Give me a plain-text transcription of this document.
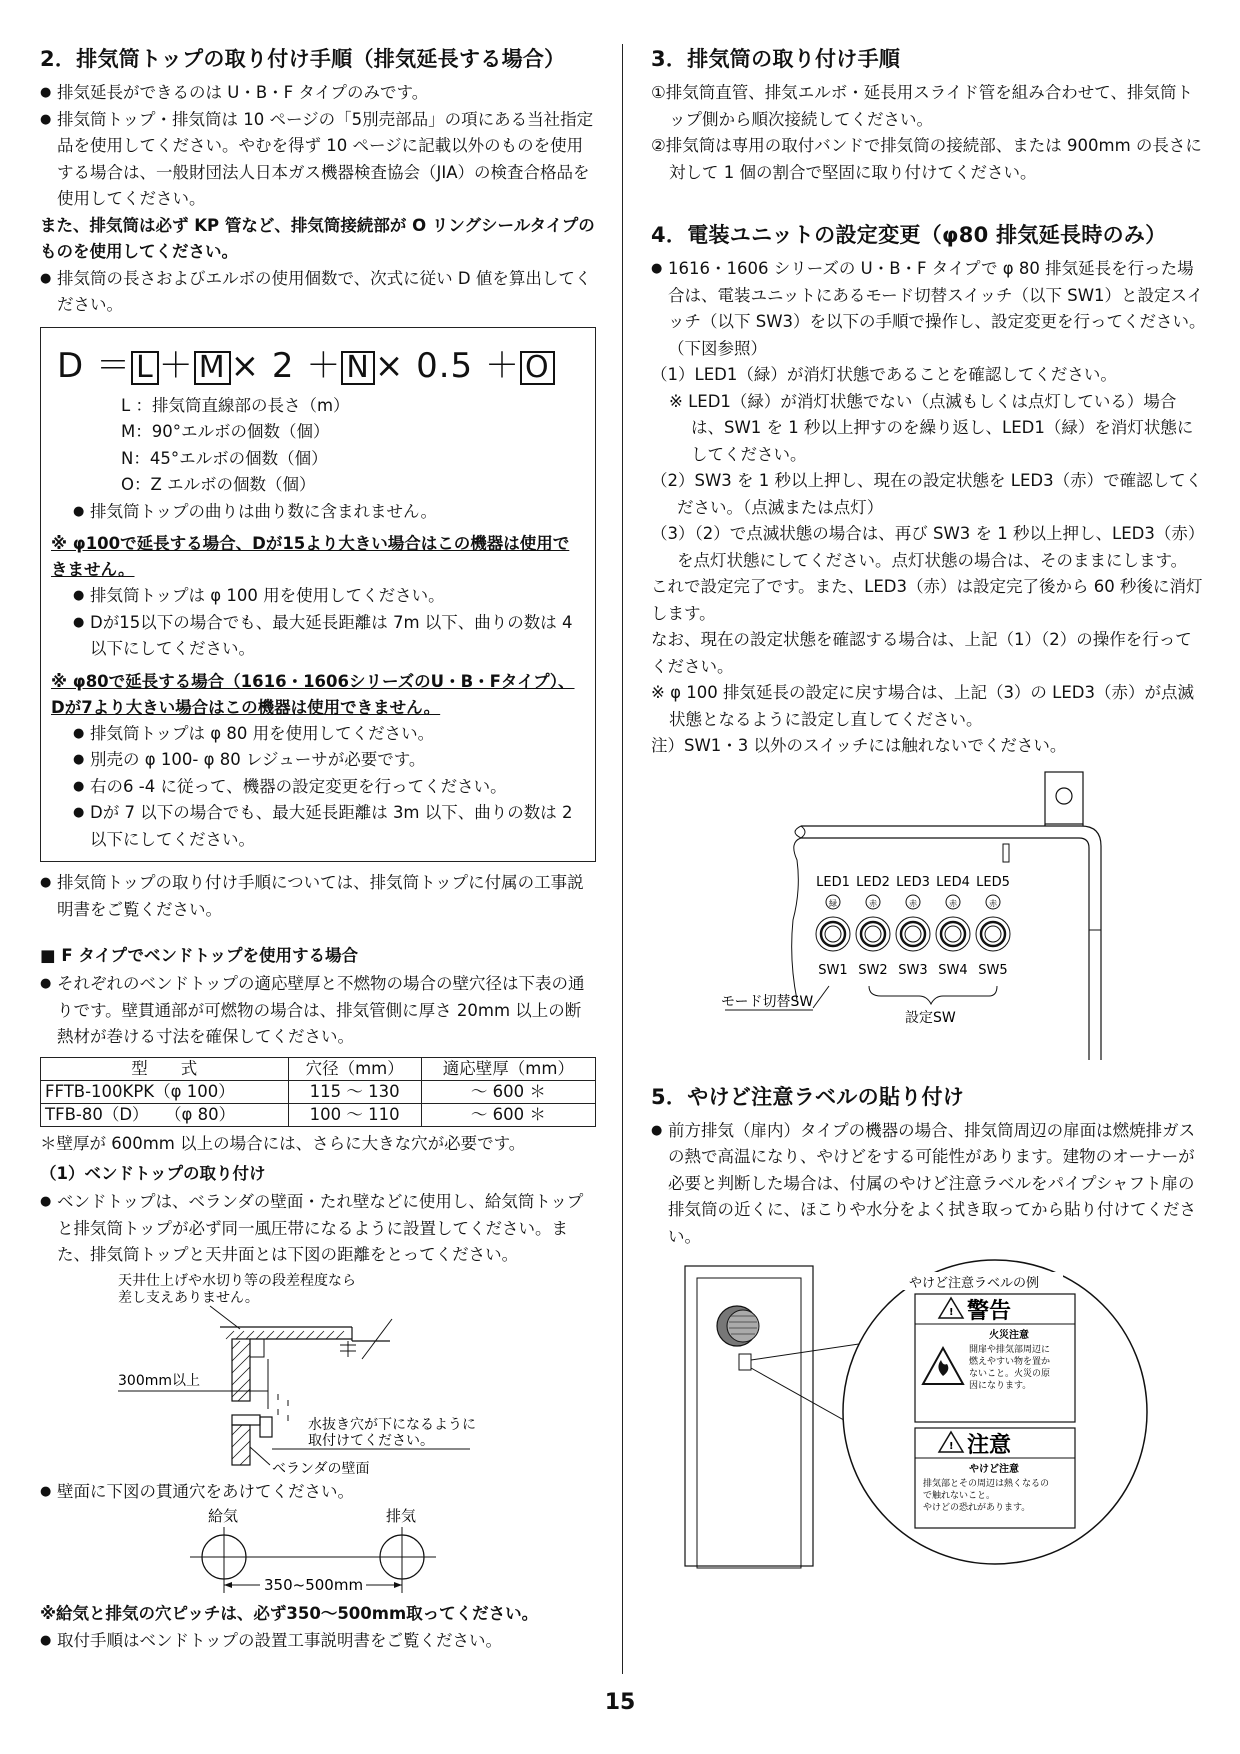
2．排気筒トップの取り付け手順（排気延長する場合）

● 排気延長ができるのは U・B・F タイプのみです。

● 排気筒トップ・排気筒は 10 ページの「5別売部品」の項にある当社指定品を使用してください。やむを得ず 10 ページに記載以外のものを使用する場合は、一般財団法人日本ガス機器検査協会（JIA）の検査合格品を使用してください。

また、排気筒は必ず KP 管など、排気筒接続部が O リングシールタイプのものを使用してください。

● 排気筒の長さおよびエルボの使用個数で、次式に従い D 値を算出してください。

D ＝ L ＋ M × 2 ＋ N × 0.5 ＋ O
L ：排気筒直線部の長さ（m）
M：90°エルボの個数（個）
N：45°エルボの個数（個）
O：Z エルボの個数（個）

● 排気筒トップの曲りは曲り数に含まれません。

※ φ100で延長する場合、Dが15より大きい場合はこの機器は使用できません。

● 排気筒トップは φ 100 用を使用してください。

● Dが15以下の場合でも、最大延長距離は 7m 以下、曲りの数は 4 以下にしてください。

※ φ80で延長する場合（1616・1606シリーズのU・B・Fタイプ）、Dが7より大きい場合はこの機器は使用できません。

● 排気筒トップは φ 80 用を使用してください。

● 別売の φ 100- φ 80 レジューサが必要です。

● 右の6 -4 に従って、機器の設定変更を行ってください。

● Dが 7 以下の場合でも、最大延長距離は 3m 以下、曲りの数は 2 以下にしてください。

● 排気筒トップの取り付け手順については、排気筒トップに付属の工事説明書をご覧ください。

■ F タイプでベンドトップを使用する場合

● それぞれのベンドトップの適応壁厚と不燃物の場合の壁穴径は下表の通りです。壁貫通部が可燃物の場合は、排気管側に厚さ 20mm 以上の断熱材が巻ける寸法を確保してください。

型　　式	穴径（mm）	適応壁厚（mm）
FFTB-100KPK（φ 100）	115 ～ 130	～ 600 ＊
TFB-80（D）　　（φ 80）	100 ～ 110	～ 600 ＊

＊壁厚が 600mm 以上の場合には、さらに大きな穴が必要です。

（1）ベンドトップの取り付け

● ベンドトップは、ベランダの壁面・たれ壁などに使用し、給気筒トップと排気筒トップが必ず同一風圧帯になるように設置してください。また、排気筒トップと天井面とは下図の距離をとってください。

天井仕上げや水切り等の段差程度なら
差し支えありません。
300mm以上
水抜き穴が下になるように
取付けてください。
ベランダの壁面

● 壁面に下図の貫通穴をあけてください。

給気	排気
350~500mm

※給気と排気の穴ピッチは、必ず350～500mm取ってください。

● 取付手順はベンドトップの設置工事説明書をご覧ください。

3．排気筒の取り付け手順

①排気筒直管、排気エルボ・延長用スライド管を組み合わせて、排気筒トップ側から順次接続してください。

②排気筒は専用の取付バンドで排気筒の接続部、または 900mm の長さに対して 1 個の割合で堅固に取り付けてください。

4．電装ユニットの設定変更（φ80 排気延長時のみ）

● 1616・1606 シリーズの U・B・F タイプで φ 80 排気延長を行った場合は、電装ユニットにあるモード切替スイッチ（以下 SW1）と設定スイッチ（以下 SW3）を以下の手順で操作し、設定変更を行ってください。（下図参照）

（1）LED1（緑）が消灯状態であることを確認してください。

※ LED1（緑）が消灯状態でない（点滅もしくは点灯している）場合は、SW1 を 1 秒以上押すのを繰り返し、LED1（緑）を消灯状態にしてください。

（2）SW3 を 1 秒以上押し、現在の設定状態を LED3（赤）で確認してください。（点滅または点灯）

（3）（2）で点滅状態の場合は、再び SW3 を 1 秒以上押し、LED3（赤）を点灯状態にしてください。点灯状態の場合は、そのままにします。

これで設定完了です。また、LED3（赤）は設定完了後から 60 秒後に消灯します。

なお、現在の設定状態を確認する場合は、上記（1）（2）の操作を行ってください。

※ φ 100 排気延長の設定に戻す場合は、上記（3）の LED3（赤）が点滅状態となるように設定し直してください。

注）SW1・3 以外のスイッチには触れないでください。

LED1
緑
SW1
LED2
赤
SW2
LED3
赤
SW3
LED4
赤
SW4
LED5
赤
SW5
モード切替SW
設定SW
5．やけど注意ラベルの貼り付け

● 前方排気（扉内）タイプの機器の場合、排気筒周辺の扉面は燃焼排ガスの熱で高温になり、やけどをする可能性があります。建物のオーナーが必要と判断した場合は、付属のやけど注意ラベルをパイプシャフト扉の排気筒の近くに、ほこりや水分をよく拭き取ってから貼り付けてください。

やけど注意ラベルの例
! 警告
火災注意
開扉や排気部周辺に
燃えやすい物を置か
ないこと。火災の原
因になります。
! 注意
やけど注意
排気部とその周辺は熱くなるの
で触れないこと。
やけどの恐れがあります。
15
